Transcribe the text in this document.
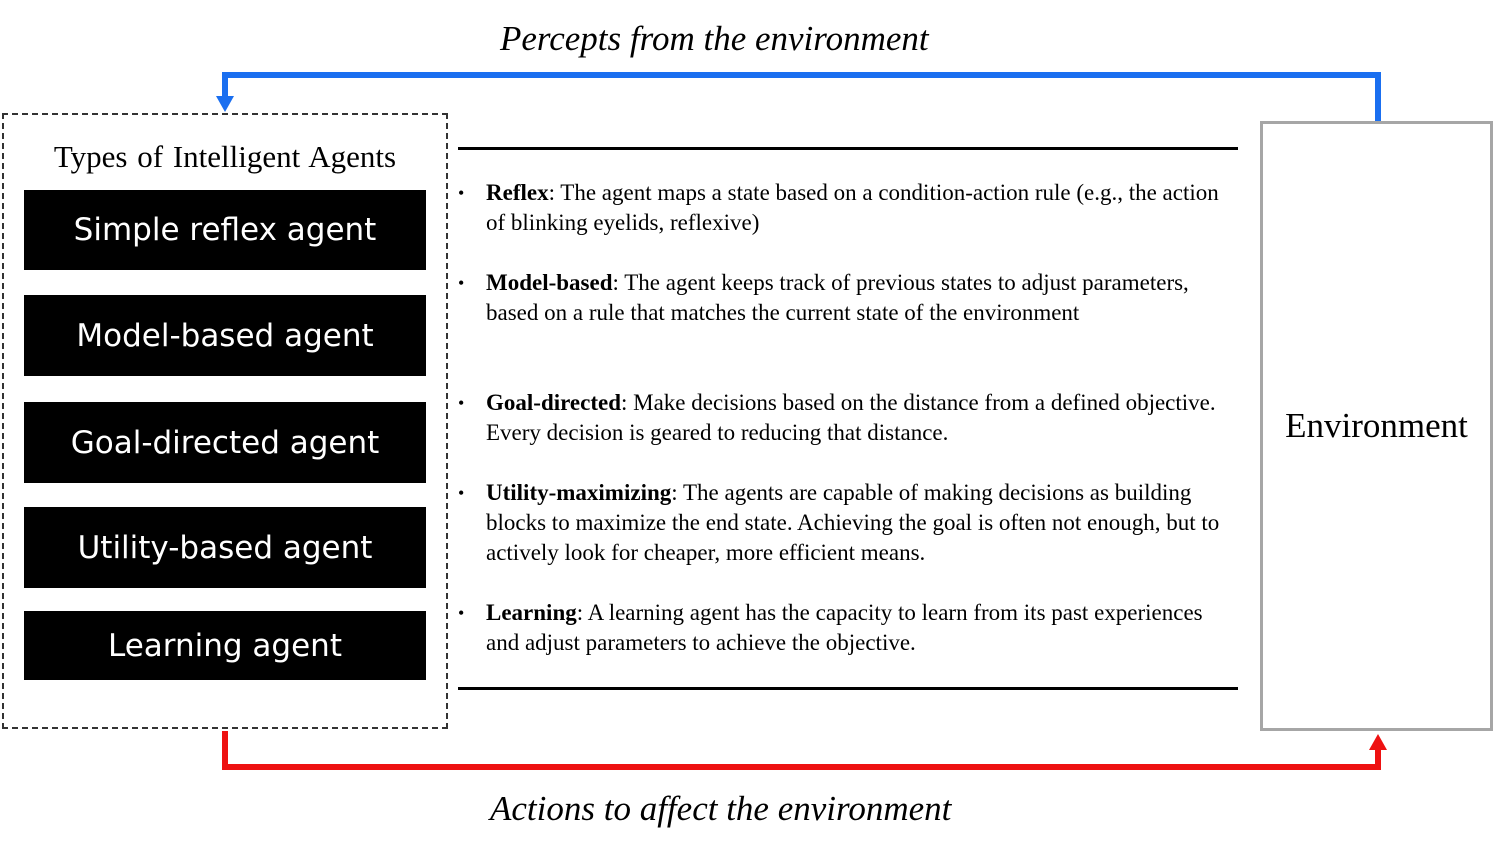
Percepts from the environment
Actions to affect the environment
Types of Intelligent Agents
Simple reflex agent
Model-based agent
Goal-directed agent
Utility-based agent
Learning agent
• Reflex: The agent maps a state based on a condition-action rule (e.g., the action of blinking eyelids, reflexive)
• Model-based: The agent keeps track of previous states to adjust parameters, based on a rule that matches the current state of the environment
• Goal-directed: Make decisions based on the distance from a defined objective. Every decision is geared to reducing that distance.
• Utility-maximizing: The agents are capable of making decisions as building blocks to maximize the end state. Achieving the goal is often not enough, but to actively look for cheaper, more efficient means.
• Learning: A learning agent has the capacity to learn from its past experiences and adjust parameters to achieve the objective.
Environment
